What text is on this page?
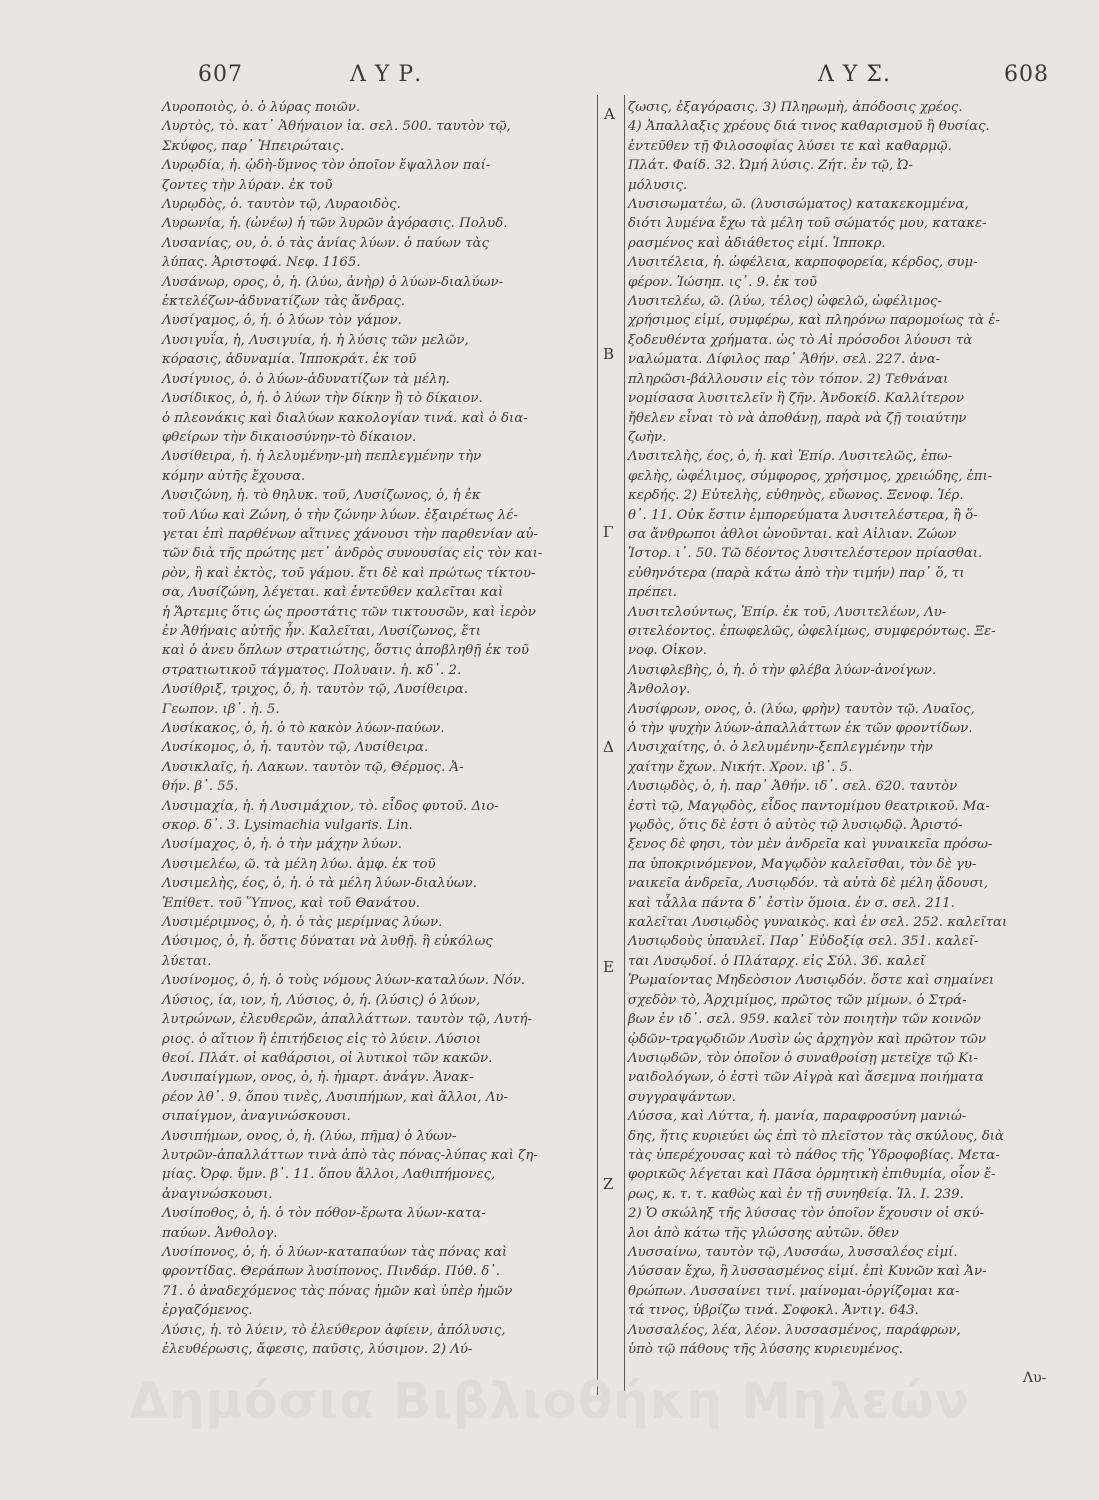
607	Λ Υ Ρ.	Λ Υ Σ.	608
Α
Β
Γ
Δ
Ε
Ζ
Λυροποιὸς, ὁ. ὁ λύρας ποιῶν.
Λυρτὸς, τὸ. κατ᾽ Ἀθήναιον ἰα. σελ. 500. ταυτὸν τῷ,
Σκύφος, παρ᾽ Ἠπειρώταις.
Λυρῳδία, ἡ. ᾠδὴ-ὕμνος τὸν ὁποῖον ἔψαλλον παί-
ζοντες τὴν λύραν. ἐκ τοῦ
Λυρῳδὸς, ὁ. ταυτὸν τῷ, Λυραοιδὸς.
Λυρωνία, ἡ. (ὠνέω) ἡ τῶν λυρῶν ἀγόρασις. Πολυδ.
Λυσανίας, ου, ὁ. ὁ τὰς ἀνίας λύων. ὁ παύων τὰς
λύπας. Ἀριστοφά. Νεφ. 1165.
Λυσάνωρ, ορος, ὁ, ἡ. (λύω, ἀνὴρ) ὁ λύων-διαλύων-
ἐκτελέζων-ἀδυνατίζων τὰς ἄνδρας.
Λυσίγαμος, ὁ, ἡ. ὁ λύων τὸν γάμον.
Λυσιγυΐα, ἡ, Λυσιγυία, ἡ. ἡ λύσις τῶν μελῶν,
κόρασις, ἀδυναμία. Ἱπποκράτ. ἐκ τοῦ
Λυσίγυιος, ὁ. ὁ λύων-ἀδυνατίζων τὰ μέλη.
Λυσίδικος, ὁ, ἡ. ὁ λύων τὴν δίκην ἢ τὸ δίκαιον.
ὁ πλεονάκις καὶ διαλύων κακολογίαν τινά. καὶ ὁ δια-
φθείρων τὴν δικαιοσύνην-τὸ δίκαιον.
Λυσίθειρα, ἡ. ἡ λελυμένην-μὴ πεπλεγμένην τὴν
κόμην αὐτῆς ἔχουσα.
Λυσιζώνη, ἡ. τὸ θηλυκ. τοῦ, Λυσίζωνος, ὁ, ἡ ἐκ
τοῦ Λύω καὶ Ζώνη, ὁ τὴν ζώνην λύων. ἐξαιρέτως λέ-
γεται ἐπὶ παρθένων αἵτινες χάνουσι τὴν παρθενίαν αὐ-
τῶν διὰ τῆς πρώτης μετ᾽ ἀνδρὸς συνουσίας εἰς τὸν και-
ρὸν, ἢ καὶ ἐκτὸς, τοῦ γάμου. ἔτι δὲ καὶ πρώτως τίκτου-
σα, Λυσίζώνη, λέγεται. καὶ ἐντεῦθεν καλεῖται καὶ
ἡ Ἄρτεμις ὅτις ὡς προστάτις τῶν τικτουσῶν, καὶ ἱερὸν
ἐν Ἀθήναις αὐτῆς ἦν. Καλεῖται, Λυσίζωνος, ἔτι
καὶ ὁ ἀνευ ὅπλων στρατιώτης, ὅστις ἀποβληθῇ ἐκ τοῦ
στρατιωτικοῦ τάγματος. Πολυαιν. ἡ. κδ᾽. 2.
Λυσίθριξ, τριχος, ὁ, ἡ. ταυτὸν τῷ, Λυσίθειρα.
Γεωπον. ιβ᾽. ἡ. 5.
Λυσίκακος, ὁ, ἡ. ὁ τὸ κακὸν λύων-παύων.
Λυσίκομος, ὁ, ἡ. ταυτὸν τῷ, Λυσίθειρα.
Λυσικλαῖς, ἡ. Λακων. ταυτὸν τῷ, Θέρμος. Ἀ-
θήν. β᾽. 55.
Λυσιμαχία, ἡ. ἡ Λυσιμάχιον, τὸ. εἶδος φυτοῦ. Διο-
σκορ. δ᾽. 3. Lysimachia vulgaris. Lin.
Λυσίμαχος, ὁ, ἡ. ὁ τὴν μάχην λύων.
Λυσιμελέω, ῶ. τὰ μέλη λύω. ἀμφ. ἐκ τοῦ
Λυσιμελὴς, έος, ὁ, ἡ. ὁ τὰ μέλη λύων-διαλύων.
Ἐπίθετ. τοῦ Ὕπνος, καὶ τοῦ Θανάτου.
Λυσιμέριμνος, ὁ, ἡ. ὁ τὰς μερίμνας λύων.
Λύσιμος, ὁ, ἡ. ὅστις δύναται νὰ λυθῇ. ἢ εὐκόλως
λύεται.
Λυσίνομος, ὁ, ἡ. ὁ τοὺς νόμους λύων-καταλύων. Νόν.
Λύσιος, ία, ιον, ἡ, Λύσιος, ὁ, ἡ. (λύσις) ὁ λύων,
λυτρώνων, ἐλευθερῶν, ἀπαλλάττων. ταυτὸν τῷ, Λυτή-
ριος. ὁ αἴτιον ἢ ἐπιτήδειος εἰς τὸ λύειν. Λύσιοι
θεοί. Πλάτ. οἱ καθάρσιοι, οἱ λυτικοὶ τῶν κακῶν.
Λυσιπαίγμων, ονος, ὁ, ἡ. ἡμαρτ. ἀνάγν. Ἀνακ-
ρέον λθ᾽. 9. ὅπου τινὲς, Λυσιπήμων, καὶ ἄλλοι, Λυ-
σιπαίγμον, ἀναγινώσκουσι.
Λυσιπήμων, ονος, ὁ, ἡ. (λύω, πῆμα) ὁ λύων-
λυτρῶν-ἀπαλλάττων τινὰ ἀπὸ τὰς πόνας-λύπας καὶ ζη-
μίας. Ὀρφ. ὕμν. β᾽. 11. ὅπου ἄλλοι, Λαθιπήμονες,
ἀναγινώσκουσι.
Λυσίποθος, ὁ, ἡ. ὁ τὸν πόθον-ἔρωτα λύων-κατα-
παύων. Ἀνθολογ.
Λυσίπονος, ὁ, ἡ. ὁ λύων-καταπαύων τὰς πόνας καὶ
φροντίδας. Θεράπων λυσίπονος. Πινδάρ. Πύθ. δ᾽.
71. ὁ ἀναδεχόμενος τὰς πόνας ἡμῶν καὶ ὑπὲρ ἡμῶν
ἐργαζόμενος.
Λύσις, ἡ. τὸ λύειν, τὸ ἐλεύθερον ἀφίειν, ἀπόλυσις,
ἐλευθέρωσις, ἄφεσις, παῦσις, λύσιμον. 2) Λύ-
ζωσις, ἐξαγόρασις. 3) Πληρωμὴ, ἀπόδοσις χρέος.
4) Ἀπαλλαξις χρέους διά τινος καθαρισμοῦ ἢ θυσίας.
ἐντεῦθεν τῇ Φιλοσοφίας λύσει τε καὶ καθαρμῷ.
Πλάτ. Φαίδ. 32. Ὠμή λύσις. Ζήτ. ἐν τῷ, Ὠ-
μόλυσις.
Λυσισωματέω, ῶ. (λυσισώματος) κατακεκομμένα,
διότι λυμένα ἔχω τὰ μέλη τοῦ σώματός μου, κατακε-
ρασμένος καὶ ἀδιάθετος εἰμί. Ἱπποκρ.
Λυσιτέλεια, ἡ. ὠφέλεια, καρποφορεία, κέρδος, συμ-
φέρον. Ἰώσηπ. ις᾽. 9. ἐκ τοῦ
Λυσιτελέω, ῶ. (λύω, τέλος) ὠφελῶ, ὠφέλιμος-
χρήσιμος εἰμί, συμφέρω, καὶ πληρόνω παρομοίως τὰ ἐ-
ξοδευθέντα χρήματα. ὡς τὸ Αἱ πρόσοδοι λύουσι τὰ
ναλώματα. Δίφιλος παρ᾽ Ἀθήν. σελ. 227. ἀνα-
πληρῶσι-βάλλουσιν εἰς τὸν τόπον. 2) Τεθνάναι
νομίσασα λυσιτελεῖν ἢ ζῆν. Ἀνδοκίδ. Καλλίτερον
ἤθελεν εἶναι τὸ νὰ ἀποθάνῃ, παρὰ νὰ ζῇ τοιαύτην
ζωὴν.
Λυσιτελὴς, έος, ὁ, ἡ. καὶ Ἐπίρ. Λυσιτελῶς, ἐπω-
φελὴς, ὠφέλιμος, σύμφορος, χρήσιμος, χρειώδης, ἐπι-
κερδής. 2) Εὐτελὴς, εὐθηνὸς, εὔωνος. Ξενοφ. Ἱέρ.
θ᾽. 11. Οὐκ ἔστιν ἐμπορεύματα λυσιτελέστερα, ἢ ὅ-
σα ἄνθρωποι ἀθλοι ὠνοῦνται. καὶ Αἰλιαν. Ζώων
Ἱστορ. ι᾽. 50. Τῶ δέοντος λυσιτελέστερον πρίασθαι.
εὐθηνότερα (παρὰ κάτω ἀπὸ τὴν τιμήν) παρ᾽ ὅ, τι
πρέπει.
Λυσιτελούντως, Ἐπίρ. ἐκ τοῦ, Λυσιτελέων, Λυ-
σιτελέοντος. ἐπωφελῶς, ὠφελίμως, συμφερόντως. Ξε-
νοφ. Οἰκον.
Λυσιφλεβὴς, ὁ, ἡ. ὁ τὴν φλέβα λύων-ἀνοίγων.
Ἀνθολογ.
Λυσίφρων, ονος, ὁ. (λύω, φρὴν) ταυτὸν τῷ. Λυαῖος,
ὁ τὴν ψυχὴν λύων-ἀπαλλάττων ἐκ τῶν φροντίδων.
Λυσιχαίτης, ὁ. ὁ λελυμένην-ξεπλεγμένην τὴν
χαίτην ἔχων. Νικήτ. Χρον. ιβ᾽. 5.
Λυσιῳδὸς, ὁ, ἡ. παρ᾽ Ἀθήν. ιδ᾽. σελ. 620. ταυτὸν
ἐστὶ τῷ, Μαγῳδὸς, εἶδος παντομίμου θεατρικοῦ. Μα-
γῳδὸς, ὅτις δὲ ἐστι ὁ αὐτὸς τῷ λυσιῳδῷ. Ἀριστό-
ξενος δὲ φησι, τὸν μὲν ἀνδρεῖα καὶ γυναικεῖα πρόσω-
πα ὑποκρινόμενον, Μαγῳδὸν καλεῖσθαι, τὸν δὲ γυ-
ναικεῖα ἀνδρεῖα, Λυσιῳδόν. τὰ αὐτὰ δὲ μέλη ᾄδουσι,
καὶ τἆλλα πάντα δ᾽ ἐστὶν ὅμοια. ἐν σ. σελ. 211.
καλεῖται Λυσιῳδὸς γυναικὸς. καὶ ἐν σελ. 252. καλεῖται
Λυσιῳδοὺς ὑπαυλεῖ. Παρ᾽ Εὐδοξίᾳ σελ. 351. καλεῖ-
ται Λυσῳδοί. ὁ Πλάταρχ. εἰς Σύλ. 36. καλεῖ
Ῥωμαίοντας Μηδεὸσιον Λυσιῳδόν. ὅστε καὶ σημαίνει
σχεδὸν τὸ, Ἀρχιμίμος, πρῶτος τῶν μίμων. ὁ Στρά-
βων ἐν ιδ᾽. σελ. 959. καλεῖ τὸν ποιητὴν τῶν κοινῶν
ᾠδῶν-τραγῳδιῶν Λυσὶν ὡς ἀρχηγὸν καὶ πρῶτον τῶν
Λυσιῳδῶν, τὸν ὁποῖον ὁ συναθροίσῃ μετεῖχε τῷ Κι-
ναιδολόγων, ὁ ἐστὶ τῶν Αἰγρὰ καὶ ἄσεμνα ποιήματα
συγγραψάντων.
Λύσσα, καὶ Λύττα, ἡ. μανία, παραφροσύνη μανιώ-
δης, ἥτις κυριεύει ὡς ἐπὶ τὸ πλεῖστον τὰς σκύλους, διὰ
τὰς ὑπερέχουσας καὶ τὸ πάθος τῆς Ὑδροφοβίας. Μετα-
φορικῶς λέγεται καὶ Πᾶσα ὁρμητικὴ ἐπιθυμία, οἶον ἔ-
ρως, κ. τ. τ. καθὼς καὶ ἐν τῇ συνηθείᾳ. Ἰλ. I. 239.
2) Ὁ σκώληξ τῆς λύσσας τὸν ὁποῖον ἔχουσιν οἱ σκύ-
λοι ἀπὸ κάτω τῆς γλώσσης αὐτῶν. ὅθεν
Λυσσαίνω, ταυτὸν τῷ, Λυσσάω, λυσσαλέος εἰμί.
Λύσσαν ἔχω, ἢ λυσσασμένος εἰμί. ἐπὶ Κυνῶν καὶ Ἀν-
θρώπων. Λυσσαίνει τινί. μαίνομαι-ὀργίζομαι κα-
τά τινος, ὑβρίζω τινά. Σοφοκλ. Ἀντιγ. 643.
Λυσσαλέος, λέα, λέον. λυσσασμένος, παράφρων,
ὑπὸ τῷ πάθους τῆς λύσσης κυριευμένος.
Δημόσια Βιβλιοθήκη Μηλεών	Λυ-
